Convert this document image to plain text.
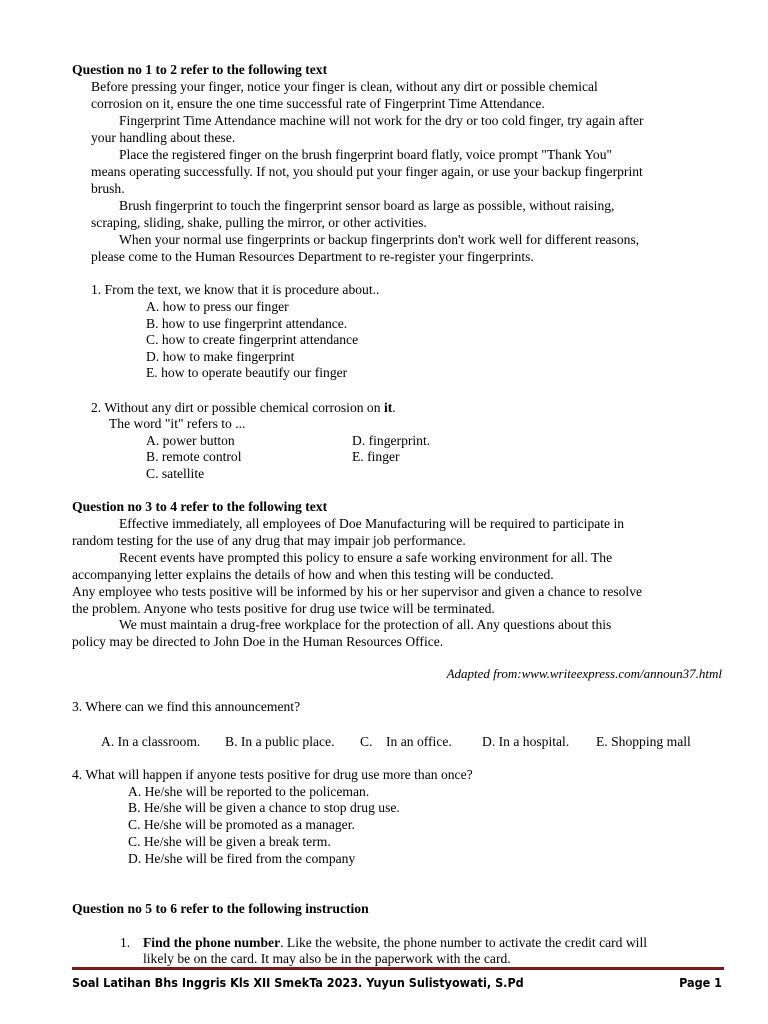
Question no 1 to 2 refer to the following text
Before pressing your finger, notice your finger is clean, without any dirt or possible chemical
corrosion on it, ensure the one time successful rate of Fingerprint Time Attendance.
Fingerprint Time Attendance machine will not work for the dry or too cold finger, try again after
your handling about these.
Place the registered finger on the brush fingerprint board flatly, voice prompt "Thank You"
means operating successfully. If not, you should put your finger again, or use your backup fingerprint
brush.
Brush fingerprint to touch the fingerprint sensor board as large as possible, without raising,
scraping, sliding, shake, pulling the mirror, or other activities.
When your normal use fingerprints or backup fingerprints don't work well for different reasons,
please come to the Human Resources Department to re-register your fingerprints.
1. From the text, we know that it is procedure about..
A. how to press our finger
B. how to use fingerprint attendance.
C. how to create fingerprint attendance
D. how to make fingerprint
E. how to operate beautify our finger
2. Without any dirt or possible chemical corrosion on it.
The word "it" refers to ...
A. power button
B. remote control
C. satellite
D. fingerprint.
E. finger
Question no 3 to 4 refer to the following text
Effective immediately, all employees of Doe Manufacturing will be required to participate in
random testing for the use of any drug that may impair job performance.
Recent events have prompted this policy to ensure a safe working environment for all. The
accompanying letter explains the details of how and when this testing will be conducted.
Any employee who tests positive will be informed by his or her supervisor and given a chance to resolve
the problem. Anyone who tests positive for drug use twice will be terminated.
We must maintain a drug-free workplace for the protection of all. Any questions about this
policy may be directed to John Doe in the Human Resources Office.
Adapted from:www.writeexpress.com/announ37.html
3. Where can we find this announcement?
A. In a classroom. B. In a public place. C. In an office. D. In a hospital. E. Shopping mall
4. What will happen if anyone tests positive for drug use more than once?
A. He/she will be reported to the policeman.
B. He/she will be given a chance to stop drug use.
C. He/she will be promoted as a manager.
C. He/she will be given a break term.
D. He/she will be fired from the company
Question no 5 to 6 refer to the following instruction
1. Find the phone number. Like the website, the phone number to activate the credit card will
likely be on the card. It may also be in the paperwork with the card.
Soal Latihan Bhs Inggris Kls XII SmekTa 2023. Yuyun Sulistyowati, S.Pd	Page 1
